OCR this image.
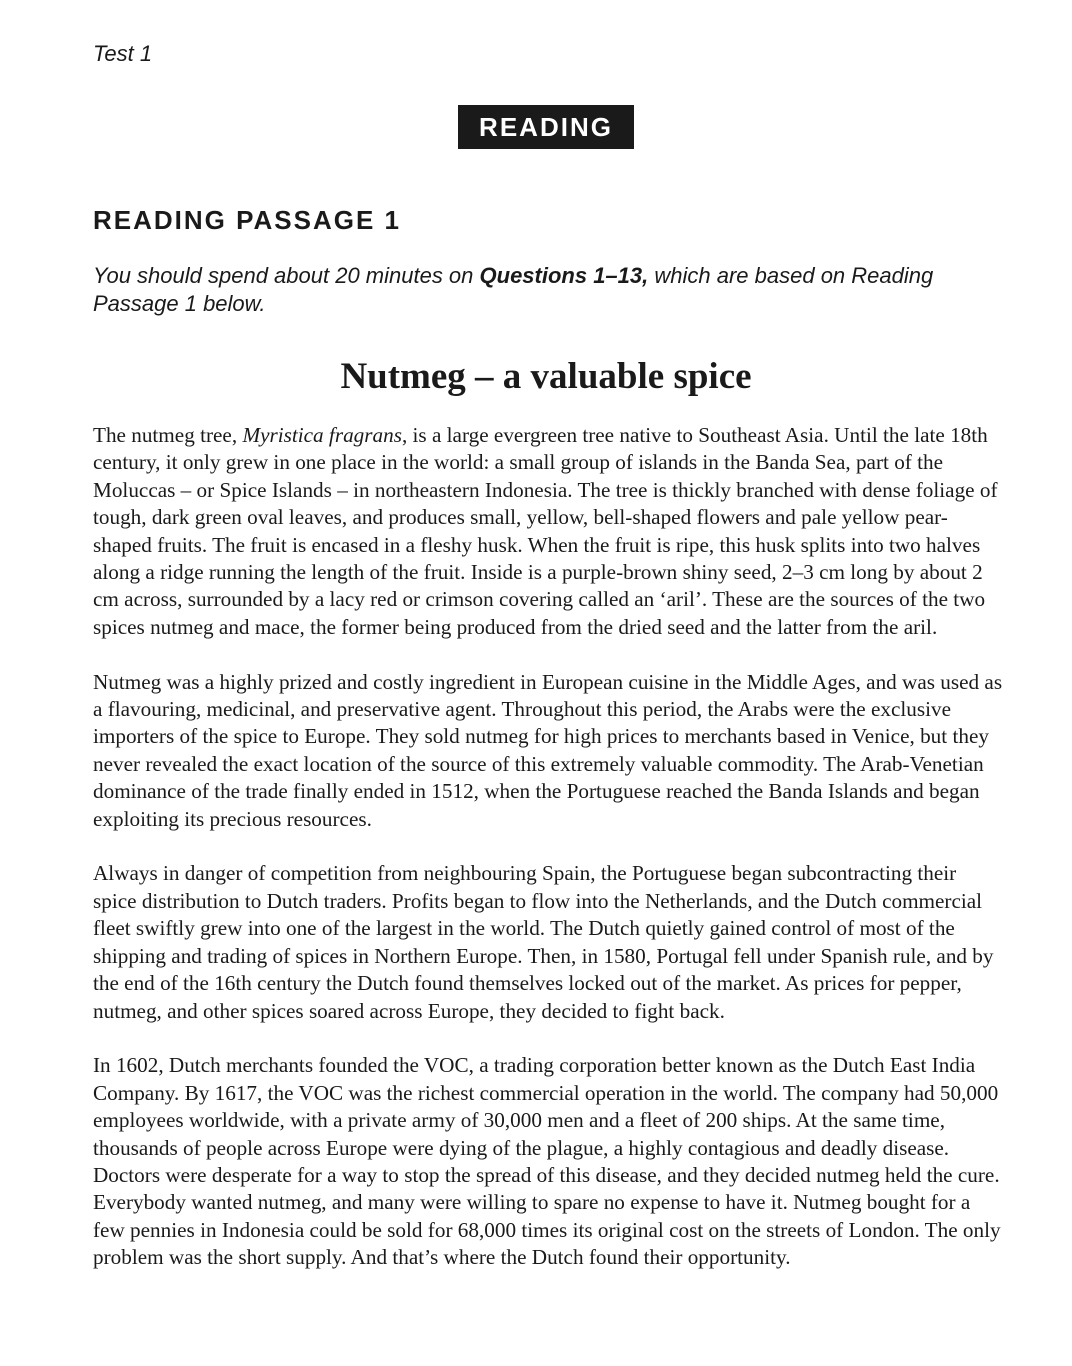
Test 1
READING
READING PASSAGE 1
You should spend about 20 minutes on Questions 1–13, which are based on Reading Passage 1 below.
Nutmeg – a valuable spice

The nutmeg tree, Myristica fragrans, is a large evergreen tree native to Southeast Asia. Until the late 18th century, it only grew in one place in the world: a small group of islands in the Banda Sea, part of the Moluccas – or Spice Islands – in northeastern Indonesia. The tree is thickly branched with dense foliage of tough, dark green oval leaves, and produces small, yellow, bell-shaped flowers and pale yellow pear-shaped fruits. The fruit is encased in a fleshy husk. When the fruit is ripe, this husk splits into two halves along a ridge running the length of the fruit. Inside is a purple-brown shiny seed, 2–3 cm long by about 2 cm across, surrounded by a lacy red or crimson covering called an ‘aril’. These are the sources of the two spices nutmeg and mace, the former being produced from the dried seed and the latter from the aril.

Nutmeg was a highly prized and costly ingredient in European cuisine in the Middle Ages, and was used as a flavouring, medicinal, and preservative agent. Throughout this period, the Arabs were the exclusive importers of the spice to Europe. They sold nutmeg for high prices to merchants based in Venice, but they never revealed the exact location of the source of this extremely valuable commodity. The Arab-Venetian dominance of the trade finally ended in 1512, when the Portuguese reached the Banda Islands and began exploiting its precious resources.

Always in danger of competition from neighbouring Spain, the Portuguese began subcontracting their spice distribution to Dutch traders. Profits began to flow into the Netherlands, and the Dutch commercial fleet swiftly grew into one of the largest in the world. The Dutch quietly gained control of most of the shipping and trading of spices in Northern Europe. Then, in 1580, Portugal fell under Spanish rule, and by the end of the 16th century the Dutch found themselves locked out of the market. As prices for pepper, nutmeg, and other spices soared across Europe, they decided to fight back.

In 1602, Dutch merchants founded the VOC, a trading corporation better known as the Dutch East India Company. By 1617, the VOC was the richest commercial operation in the world. The company had 50,000 employees worldwide, with a private army of 30,000 men and a fleet of 200 ships. At the same time, thousands of people across Europe were dying of the plague, a highly contagious and deadly disease. Doctors were desperate for a way to stop the spread of this disease, and they decided nutmeg held the cure. Everybody wanted nutmeg, and many were willing to spare no expense to have it. Nutmeg bought for a few pennies in Indonesia could be sold for 68,000 times its original cost on the streets of London. The only problem was the short supply. And that’s where the Dutch found their opportunity.
